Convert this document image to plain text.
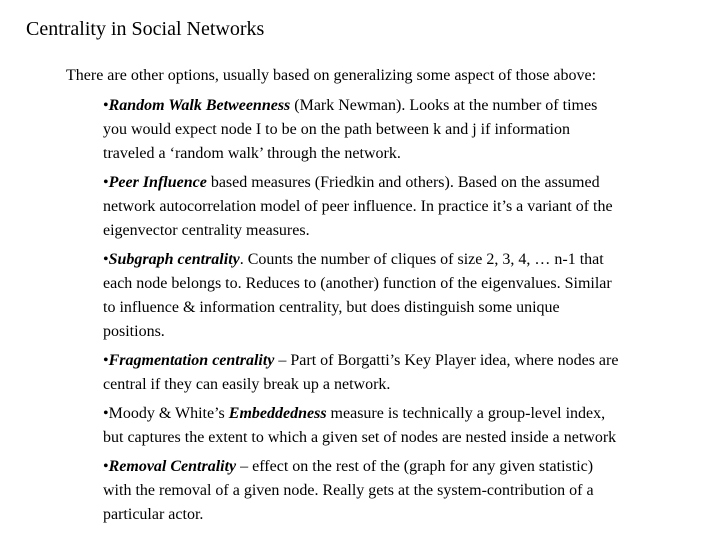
Centrality in Social Networks
There are other options, usually based on generalizing some aspect of those above:
•Random Walk Betweenness (Mark Newman). Looks at the number of times
you would expect node I to be on the path between k and j if information
traveled a ‘random walk’ through the network.
•Peer Influence based measures (Friedkin and others). Based on the assumed
network autocorrelation model of peer influence. In practice it’s a variant of the
eigenvector centrality measures.
•Subgraph centrality. Counts the number of cliques of size 2, 3, 4, … n-1 that
each node belongs to. Reduces to (another) function of the eigenvalues. Similar
to influence & information centrality, but does distinguish some unique
positions.
•Fragmentation centrality – Part of Borgatti’s Key Player idea, where nodes are
central if they can easily break up a network.
•Moody & White’s Embeddedness measure is technically a group-level index,
but captures the extent to which a given set of nodes are nested inside a network
•Removal Centrality – effect on the rest of the (graph for any given statistic)
with the removal of a given node. Really gets at the system-contribution of a
particular actor.
